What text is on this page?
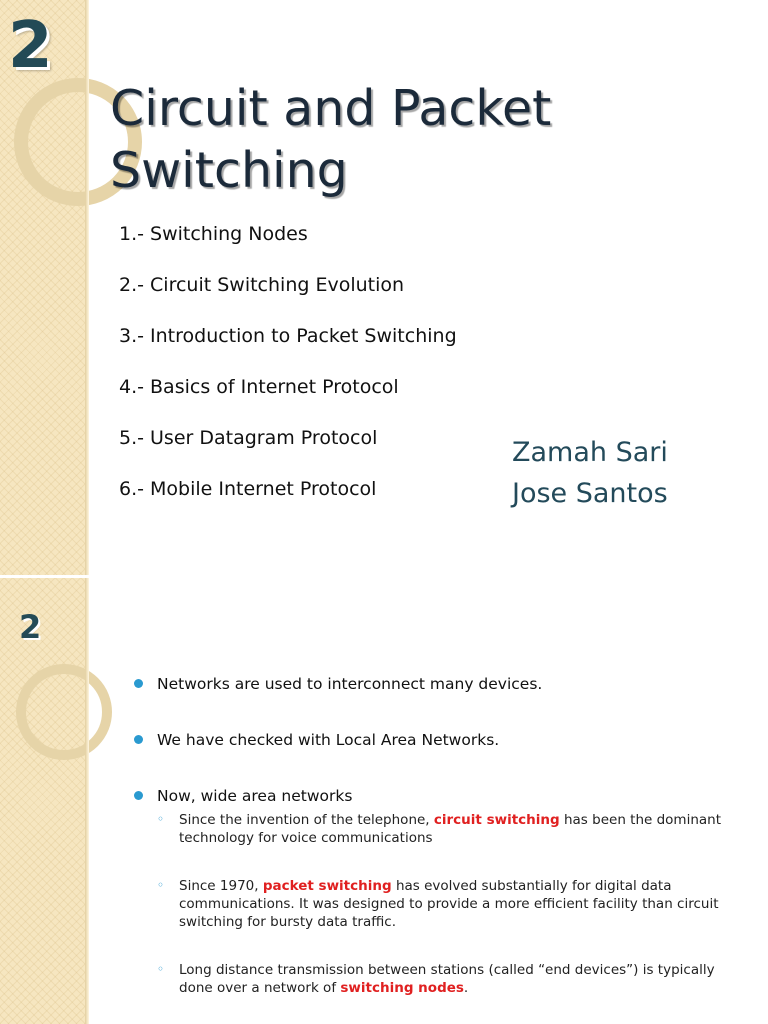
2
Circuit and Packet
Switching
1.- Switching Nodes
2.- Circuit Switching Evolution
3.- Introduction to Packet Switching
4.- Basics of Internet Protocol
5.- User Datagram Protocol
6.- Mobile Internet Protocol
Zamah Sari
Jose Santos
2
Networks are used to interconnect many devices.
We have checked with Local Area Networks.
Now, wide area networks
◦ Since the invention of the telephone, circuit switching has been the dominant technology for voice communications
◦ Since 1970, packet switching has evolved substantially for digital data communications. It was designed to provide a more efficient facility than circuit switching for bursty data traffic.
◦ Long distance transmission between stations (called “end devices”) is typically done over a network of switching nodes.
